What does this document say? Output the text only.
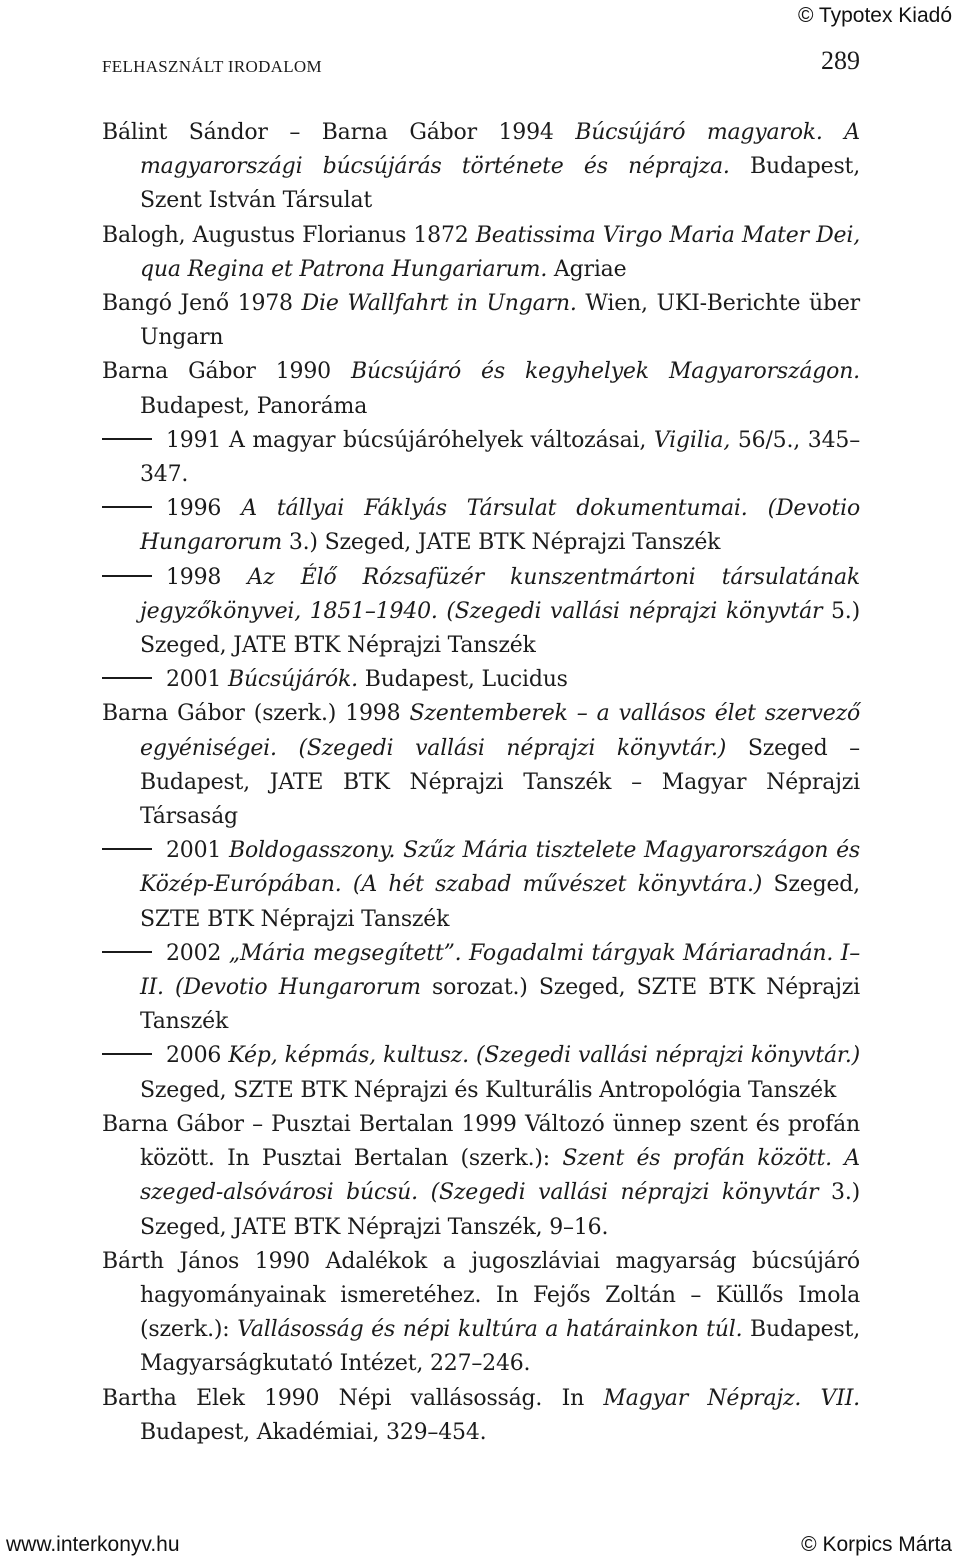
© Typotex Kiadó
FELHASZNÁLT IRODALOM	289
Bálint Sándor – Barna Gábor 1994 Búcsújáró magyarok. A magyarországi búcsújárás története és néprajza. Budapest, Szent István Társulat
Balogh, Augustus Florianus 1872 Beatissima Virgo Maria Mater Dei, qua Regina et Patrona Hungariarum. Agriae
Bangó Jenő 1978 Die Wallfahrt in Ungarn. Wien, UKI-Berichte über Ungarn
Barna Gábor 1990 Búcsújáró és kegyhelyek Magyarországon. Budapest, Panoráma
1991 A magyar búcsújáróhelyek változásai, Vigilia, 56/5., 345–347.
1996 A tállyai Fáklyás Társulat dokumentumai. (Devotio Hungarorum 3.) Szeged, JATE BTK Néprajzi Tanszék
1998 Az Élő Rózsafüzér kunszentmártoni társulatának jegyzőkönyvei, 1851–1940. (Szegedi vallási néprajzi könyvtár 5.) Szeged, JATE BTK Néprajzi Tanszék
2001 Búcsújárók. Budapest, Lucidus
Barna Gábor (szerk.) 1998 Szentemberek – a vallásos élet szervező egyéniségei. (Szegedi vallási néprajzi könyvtár.) Szeged – Budapest, JATE BTK Néprajzi Tanszék – Magyar Néprajzi Társaság
2001 Boldogasszony. Szűz Mária tisztelete Magyarországon és Közép-Európában. (A hét szabad művészet könyvtára.) Szeged, SZTE BTK Néprajzi Tanszék
2002 „Mária megsegített”. Fogadalmi tárgyak Máriaradnán. I–II. (Devotio Hungarorum sorozat.) Szeged, SZTE BTK Néprajzi Tanszék
2006 Kép, képmás, kultusz. (Szegedi vallási néprajzi könyvtár.) Szeged, SZTE BTK Néprajzi és Kulturális Antropológia Tanszék
Barna Gábor – Pusztai Bertalan 1999 Változó ünnep szent és profán között. In Pusztai Bertalan (szerk.): Szent és profán között. A szeged-alsóvárosi búcsú. (Szegedi vallási néprajzi könyvtár 3.) Szeged, JATE BTK Néprajzi Tanszék, 9–16.
Bárth János 1990 Adalékok a jugoszláviai magyarság búcsújáró hagyományainak ismeretéhez. In Fejős Zoltán – Küllős Imola (szerk.): Vallásosság és népi kultúra a határainkon túl. Budapest, Magyarságkutató Intézet, 227–246.
Bartha Elek 1990 Népi vallásosság. In Magyar Néprajz. VII. Budapest, Akadémiai, 329–454.
www.interkonyv.hu	© Korpics Márta
